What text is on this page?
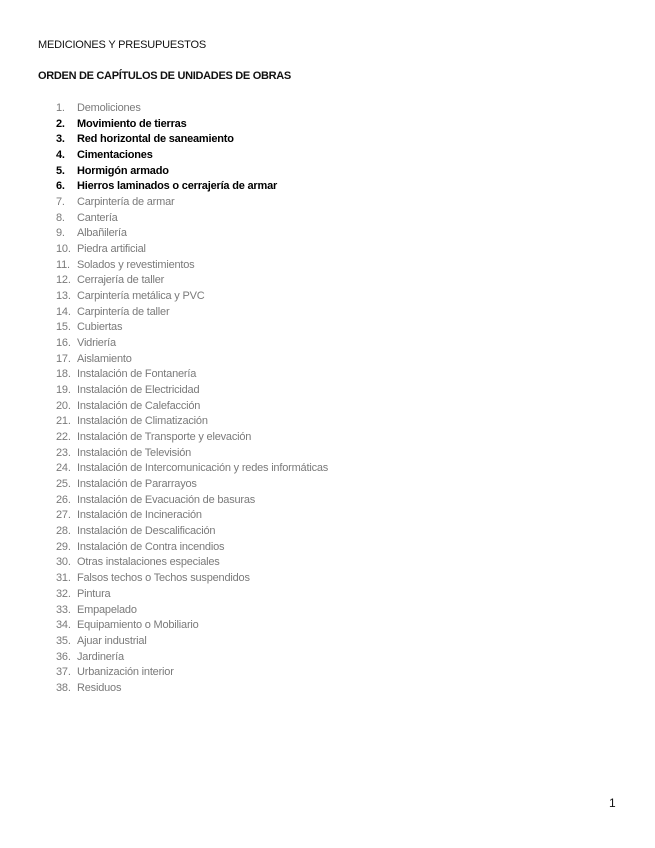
MEDICIONES Y PRESUPUESTOS
ORDEN DE CAPÍTULOS DE UNIDADES DE OBRAS
1. Demoliciones
2. Movimiento de tierras
3. Red horizontal de saneamiento
4. Cimentaciones
5. Hormigón armado
6. Hierros laminados o cerrajería de armar
7. Carpintería de armar
8. Cantería
9. Albañilería
10. Piedra artificial
11. Solados y revestimientos
12. Cerrajería de taller
13. Carpintería metálica y PVC
14. Carpintería de taller
15. Cubiertas
16. Vidriería
17. Aislamiento
18. Instalación de Fontanería
19. Instalación de Electricidad
20. Instalación de Calefacción
21. Instalación de Climatización
22. Instalación de Transporte y elevación
23. Instalación de Televisión
24. Instalación de Intercomunicación y redes informáticas
25. Instalación de Pararrayos
26. Instalación de Evacuación de basuras
27. Instalación de Incineración
28. Instalación de Descalificación
29. Instalación de Contra incendios
30. Otras instalaciones especiales
31. Falsos techos o Techos suspendidos
32. Pintura
33. Empapelado
34. Equipamiento o Mobiliario
35. Ajuar industrial
36. Jardinería
37. Urbanización interior
38. Residuos
1
